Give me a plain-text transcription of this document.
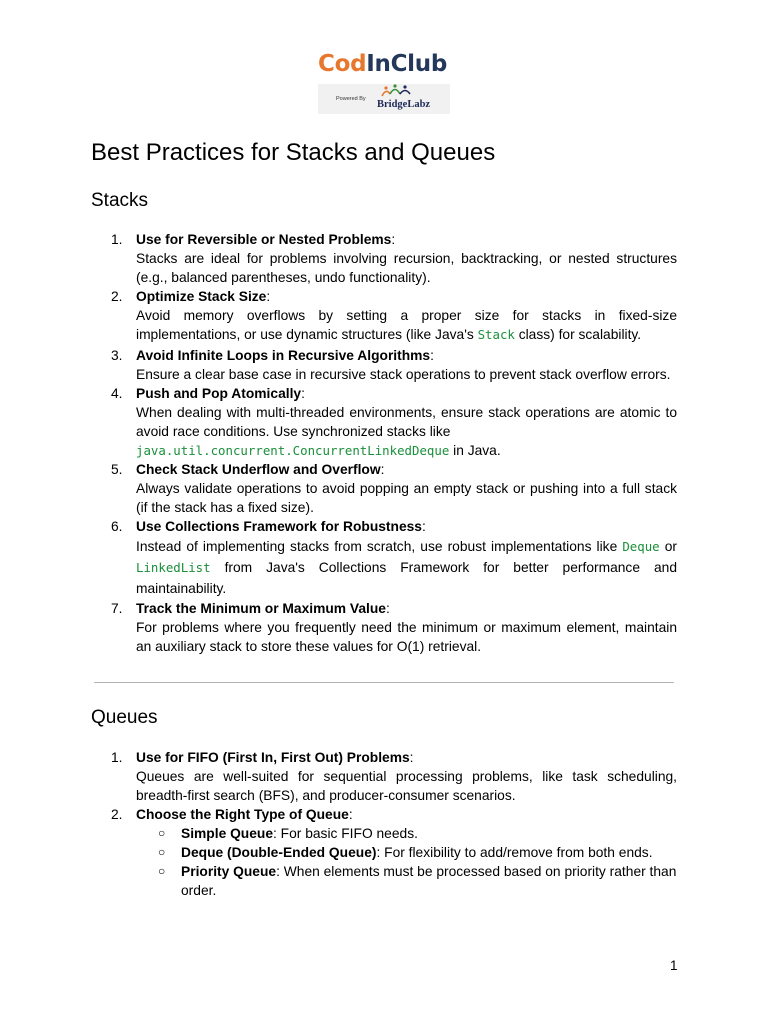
CodInClub
Powered By BridgeLabz
Best Practices for Stacks and Queues
Stacks
1. Use for Reversible or Nested Problems:
Stacks are ideal for problems involving recursion, backtracking, or nested structures (e.g., balanced parentheses, undo functionality).
2. Optimize Stack Size:
Avoid memory overflows by setting a proper size for stacks in fixed-size implementations, or use dynamic structures (like Java's Stack class) for scalability.
3. Avoid Infinite Loops in Recursive Algorithms:
Ensure a clear base case in recursive stack operations to prevent stack overflow errors.
4. Push and Pop Atomically:
When dealing with multi-threaded environments, ensure stack operations are atomic to avoid race conditions. Use synchronized stacks like
java.util.concurrent.ConcurrentLinkedDeque in Java.
5. Check Stack Underflow and Overflow:
Always validate operations to avoid popping an empty stack or pushing into a full stack (if the stack has a fixed size).
6. Use Collections Framework for Robustness:
Instead of implementing stacks from scratch, use robust implementations like Deque or LinkedList from Java's Collections Framework for better performance and maintainability.
7. Track the Minimum or Maximum Value:
For problems where you frequently need the minimum or maximum element, maintain an auxiliary stack to store these values for O(1) retrieval.
Queues
1. Use for FIFO (First In, First Out) Problems:
Queues are well-suited for sequential processing problems, like task scheduling, breadth-first search (BFS), and producer-consumer scenarios.
2. Choose the Right Type of Queue:
○ Simple Queue: For basic FIFO needs.
○ Deque (Double-Ended Queue): For flexibility to add/remove from both ends.
○ Priority Queue: When elements must be processed based on priority rather than order.
1
